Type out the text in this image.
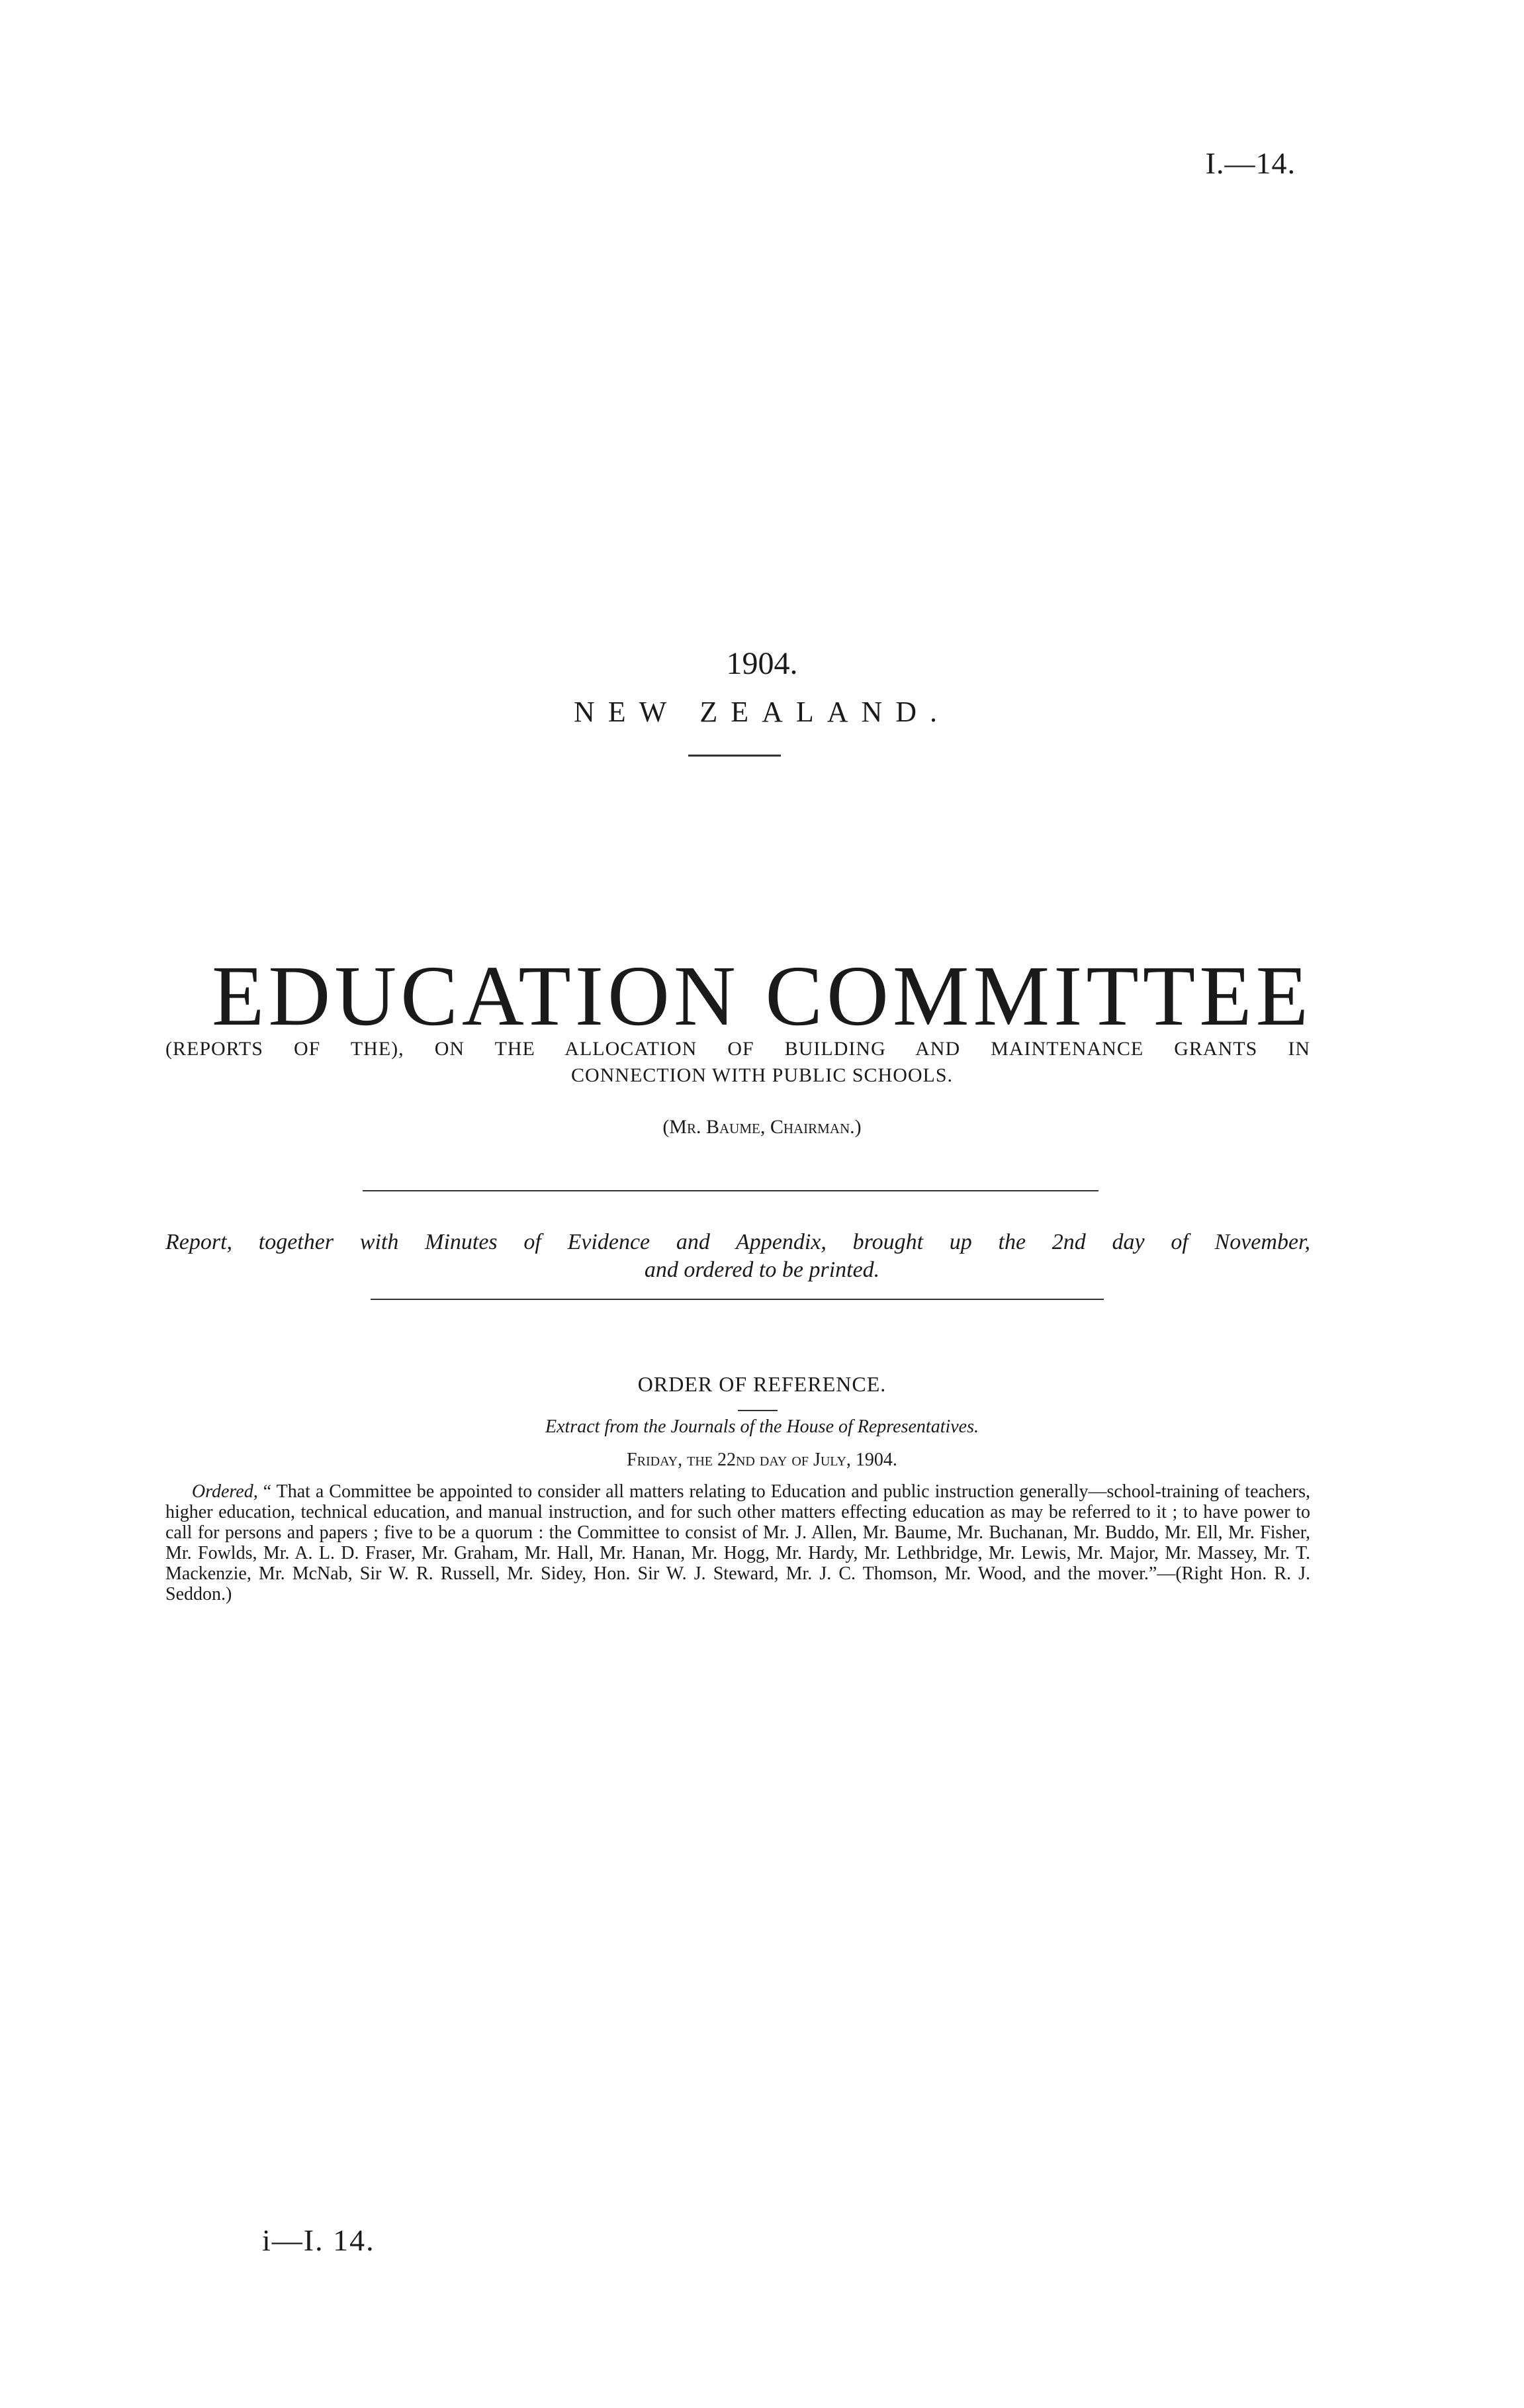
I.—14.
1904.
NEW ZEALAND.
EDUCATION COMMITTEE
(REPORTS OF THE), ON THE ALLOCATION OF BUILDING AND MAINTENANCE GRANTS IN
CONNECTION WITH PUBLIC SCHOOLS.
(Mr. Baume, Chairman.)
Report, together with Minutes of Evidence and Appendix, brought up the 2nd day of November,
and ordered to be printed.
ORDER OF REFERENCE.
Extract from the Journals of the House of Representatives.
Friday, the 22nd day of July, 1904.
Ordered, “ That a Committee be appointed to consider all matters relating to Education and public instruction generally—school-training of teachers, higher education, technical education, and manual instruction, and for such other matters effecting education as may be referred to it ; to have power to call for persons and papers ; five to be a quorum : the Committee to consist of Mr. J. Allen, Mr. Baume, Mr. Buchanan, Mr. Buddo, Mr. Ell, Mr. Fisher, Mr. Fowlds, Mr. A. L. D. Fraser, Mr. Graham, Mr. Hall, Mr. Hanan, Mr. Hogg, Mr. Hardy, Mr. Lethbridge, Mr. Lewis, Mr. Major, Mr. Massey, Mr. T. Mackenzie, Mr. McNab, Sir W. R. Russell, Mr. Sidey, Hon. Sir W. J. Steward, Mr. J. C. Thomson, Mr. Wood, and the mover.”—(Right Hon. R. J. Seddon.)
i—I. 14.
